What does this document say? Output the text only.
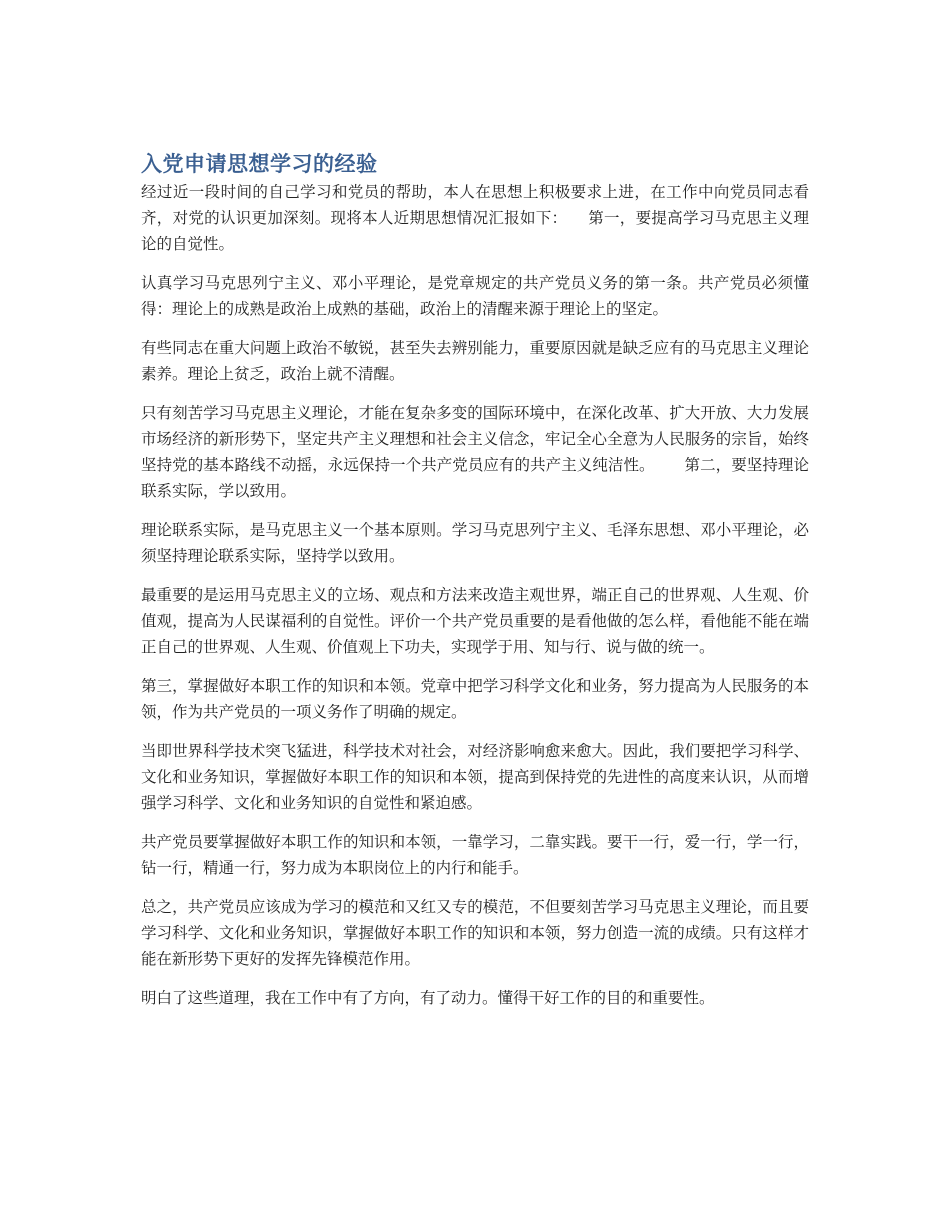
入党申请思想学习的经验

经过近一段时间的自己学习和党员的帮助，本人在思想上积极要求上进，在工作中向党员同志看齐，对党的认识更加深刻。现将本人近期思想情况汇报如下：    第一，要提高学习马克思主义理论的自觉性。

认真学习马克思列宁主义、邓小平理论，是党章规定的共产党员义务的第一条。共产党员必须懂得：理论上的成熟是政治上成熟的基础，政治上的清醒来源于理论上的坚定。

有些同志在重大问题上政治不敏锐，甚至失去辨别能力，重要原因就是缺乏应有的马克思主义理论素养。理论上贫乏，政治上就不清醒。

只有刻苦学习马克思主义理论，才能在复杂多变的国际环境中，在深化改革、扩大开放、大力发展市场经济的新形势下，坚定共产主义理想和社会主义信念，牢记全心全意为人民服务的宗旨，始终坚持党的基本路线不动摇，永远保持一个共产党员应有的共产主义纯洁性。      第二，要坚持理论联系实际，学以致用。

理论联系实际，是马克思主义一个基本原则。学习马克思列宁主义、毛泽东思想、邓小平理论，必须坚持理论联系实际，坚持学以致用。

最重要的是运用马克思主义的立场、观点和方法来改造主观世界，端正自己的世界观、人生观、价值观，提高为人民谋福利的自觉性。评价一个共产党员重要的是看他做的怎么样，看他能不能在端正自己的世界观、人生观、价值观上下功夫，实现学于用、知与行、说与做的统一。

第三，掌握做好本职工作的知识和本领。党章中把学习科学文化和业务，努力提高为人民服务的本领，作为共产党员的一项义务作了明确的规定。

当即世界科学技术突飞猛进，科学技术对社会，对经济影响愈来愈大。因此，我们要把学习科学、文化和业务知识，掌握做好本职工作的知识和本领，提高到保持党的先进性的高度来认识，从而增强学习科学、文化和业务知识的自觉性和紧迫感。

共产党员要掌握做好本职工作的知识和本领，一靠学习，二靠实践。要干一行，爱一行，学一行，钻一行，精通一行，努力成为本职岗位上的内行和能手。

总之，共产党员应该成为学习的模范和又红又专的模范，不但要刻苦学习马克思主义理论，而且要学习科学、文化和业务知识，掌握做好本职工作的知识和本领，努力创造一流的成绩。只有这样才能在新形势下更好的发挥先锋模范作用。

明白了这些道理，我在工作中有了方向，有了动力。懂得干好工作的目的和重要性。
